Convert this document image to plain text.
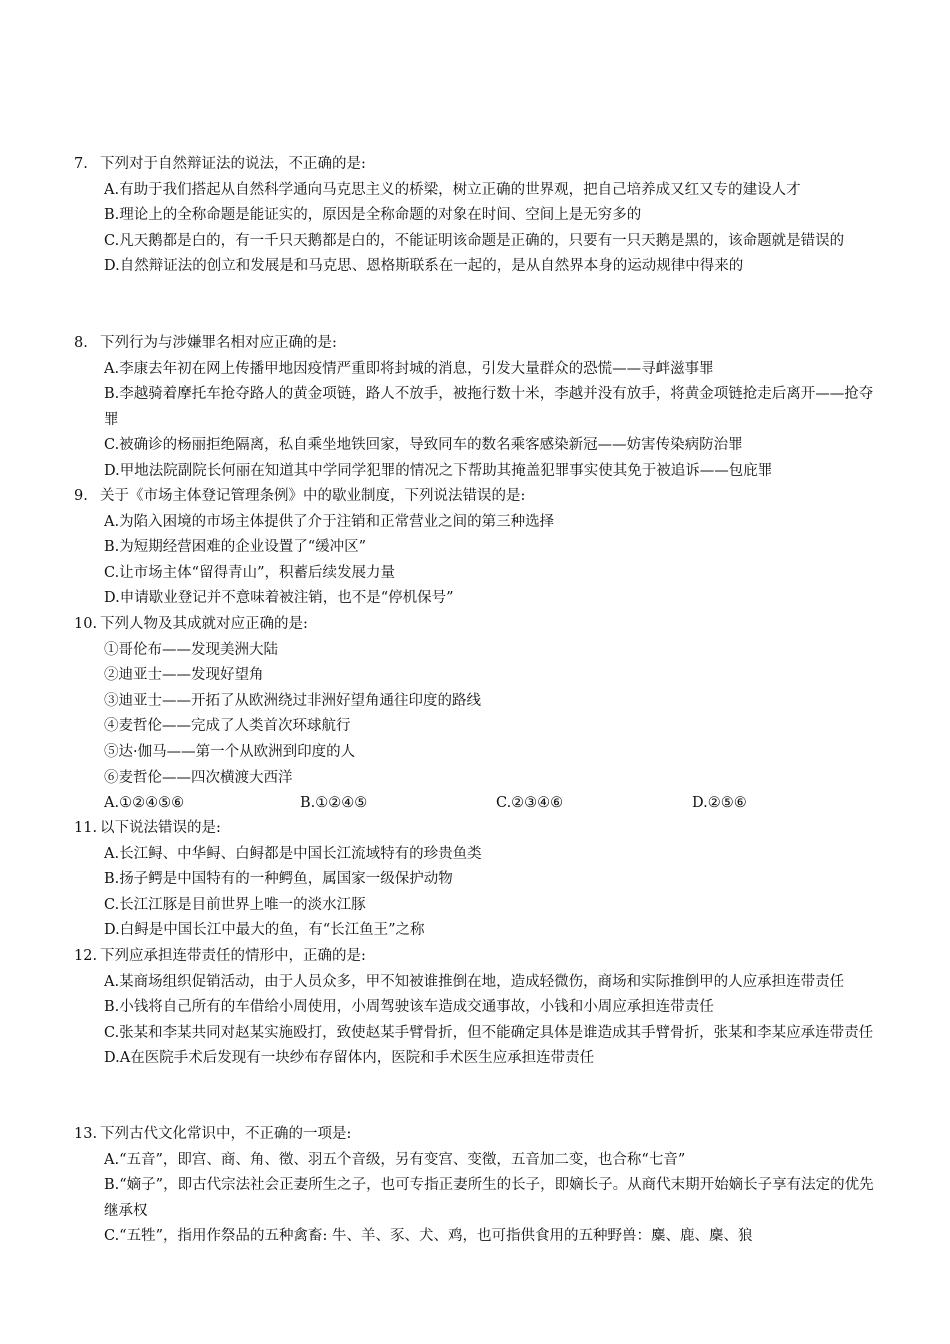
7. 下列对于自然辩证法的说法，不正确的是:
A.有助于我们搭起从自然科学通向马克思主义的桥梁，树立正确的世界观，把自己培养成又红又专的建设人才
B.理论上的全称命题是能证实的，原因是全称命题的对象在时间、空间上是无穷多的
C.凡天鹅都是白的，有一千只天鹅都是白的，不能证明该命题是正确的，只要有一只天鹅是黑的，该命题就是错误的
D.自然辩证法的创立和发展是和马克思、恩格斯联系在一起的，是从自然界本身的运动规律中得来的
8. 下列行为与涉嫌罪名相对应正确的是:
A.李康去年初在网上传播甲地因疫情严重即将封城的消息，引发大量群众的恐慌——寻衅滋事罪
B.李越骑着摩托车抢夺路人的黄金项链，路人不放手，被拖行数十米，李越并没有放手，将黄金项链抢走后离开——抢夺罪
C.被确诊的杨丽拒绝隔离，私自乘坐地铁回家，导致同车的数名乘客感染新冠——妨害传染病防治罪
D.甲地法院副院长何丽在知道其中学同学犯罪的情况之下帮助其掩盖犯罪事实使其免于被追诉——包庇罪
9. 关于《市场主体登记管理条例》中的歇业制度，下列说法错误的是:
A.为陷入困境的市场主体提供了介于注销和正常营业之间的第三种选择
B.为短期经营困难的企业设置了“缓冲区”
C.让市场主体“留得青山”，积蓄后续发展力量
D.申请歇业登记并不意味着被注销，也不是“停机保号”
10. 下列人物及其成就对应正确的是:
①哥伦布——发现美洲大陆
②迪亚士——发现好望角
③迪亚士——开拓了从欧洲绕过非洲好望角通往印度的路线
④麦哲伦——完成了人类首次环球航行
⑤达·伽马——第一个从欧洲到印度的人
⑥麦哲伦——四次横渡大西洋
A.①②④⑤⑥	B.①②④⑤	C.②③④⑥	D.②⑤⑥
11. 以下说法错误的是:
A.长江鲟、中华鲟、白鲟都是中国长江流域特有的珍贵鱼类
B.扬子鳄是中国特有的一种鳄鱼，属国家一级保护动物
C.长江江豚是目前世界上唯一的淡水江豚
D.白鲟是中国长江中最大的鱼，有“长江鱼王”之称
12. 下列应承担连带责任的情形中，正确的是:
A.某商场组织促销活动，由于人员众多，甲不知被谁推倒在地，造成轻微伤，商场和实际推倒甲的人应承担连带责任
B.小钱将自己所有的车借给小周使用，小周驾驶该车造成交通事故，小钱和小周应承担连带责任
C.张某和李某共同对赵某实施殴打，致使赵某手臂骨折，但不能确定具体是谁造成其手臂骨折，张某和李某应承连带责任
D.A在医院手术后发现有一块纱布存留体内，医院和手术医生应承担连带责任
13. 下列古代文化常识中，不正确的一项是:
A.“五音”，即宫、商、角、徵、羽五个音级，另有变宫、变徵，五音加二变，也合称“七音”
B.“嫡子”，即古代宗法社会正妻所生之子，也可专指正妻所生的长子，即嫡长子。从商代末期开始嫡长子享有法定的优先继承权
C.“五牲”，指用作祭品的五种禽畜: 牛、羊、豕、犬、鸡，也可指供食用的五种野兽：麋、鹿、麇、狼
